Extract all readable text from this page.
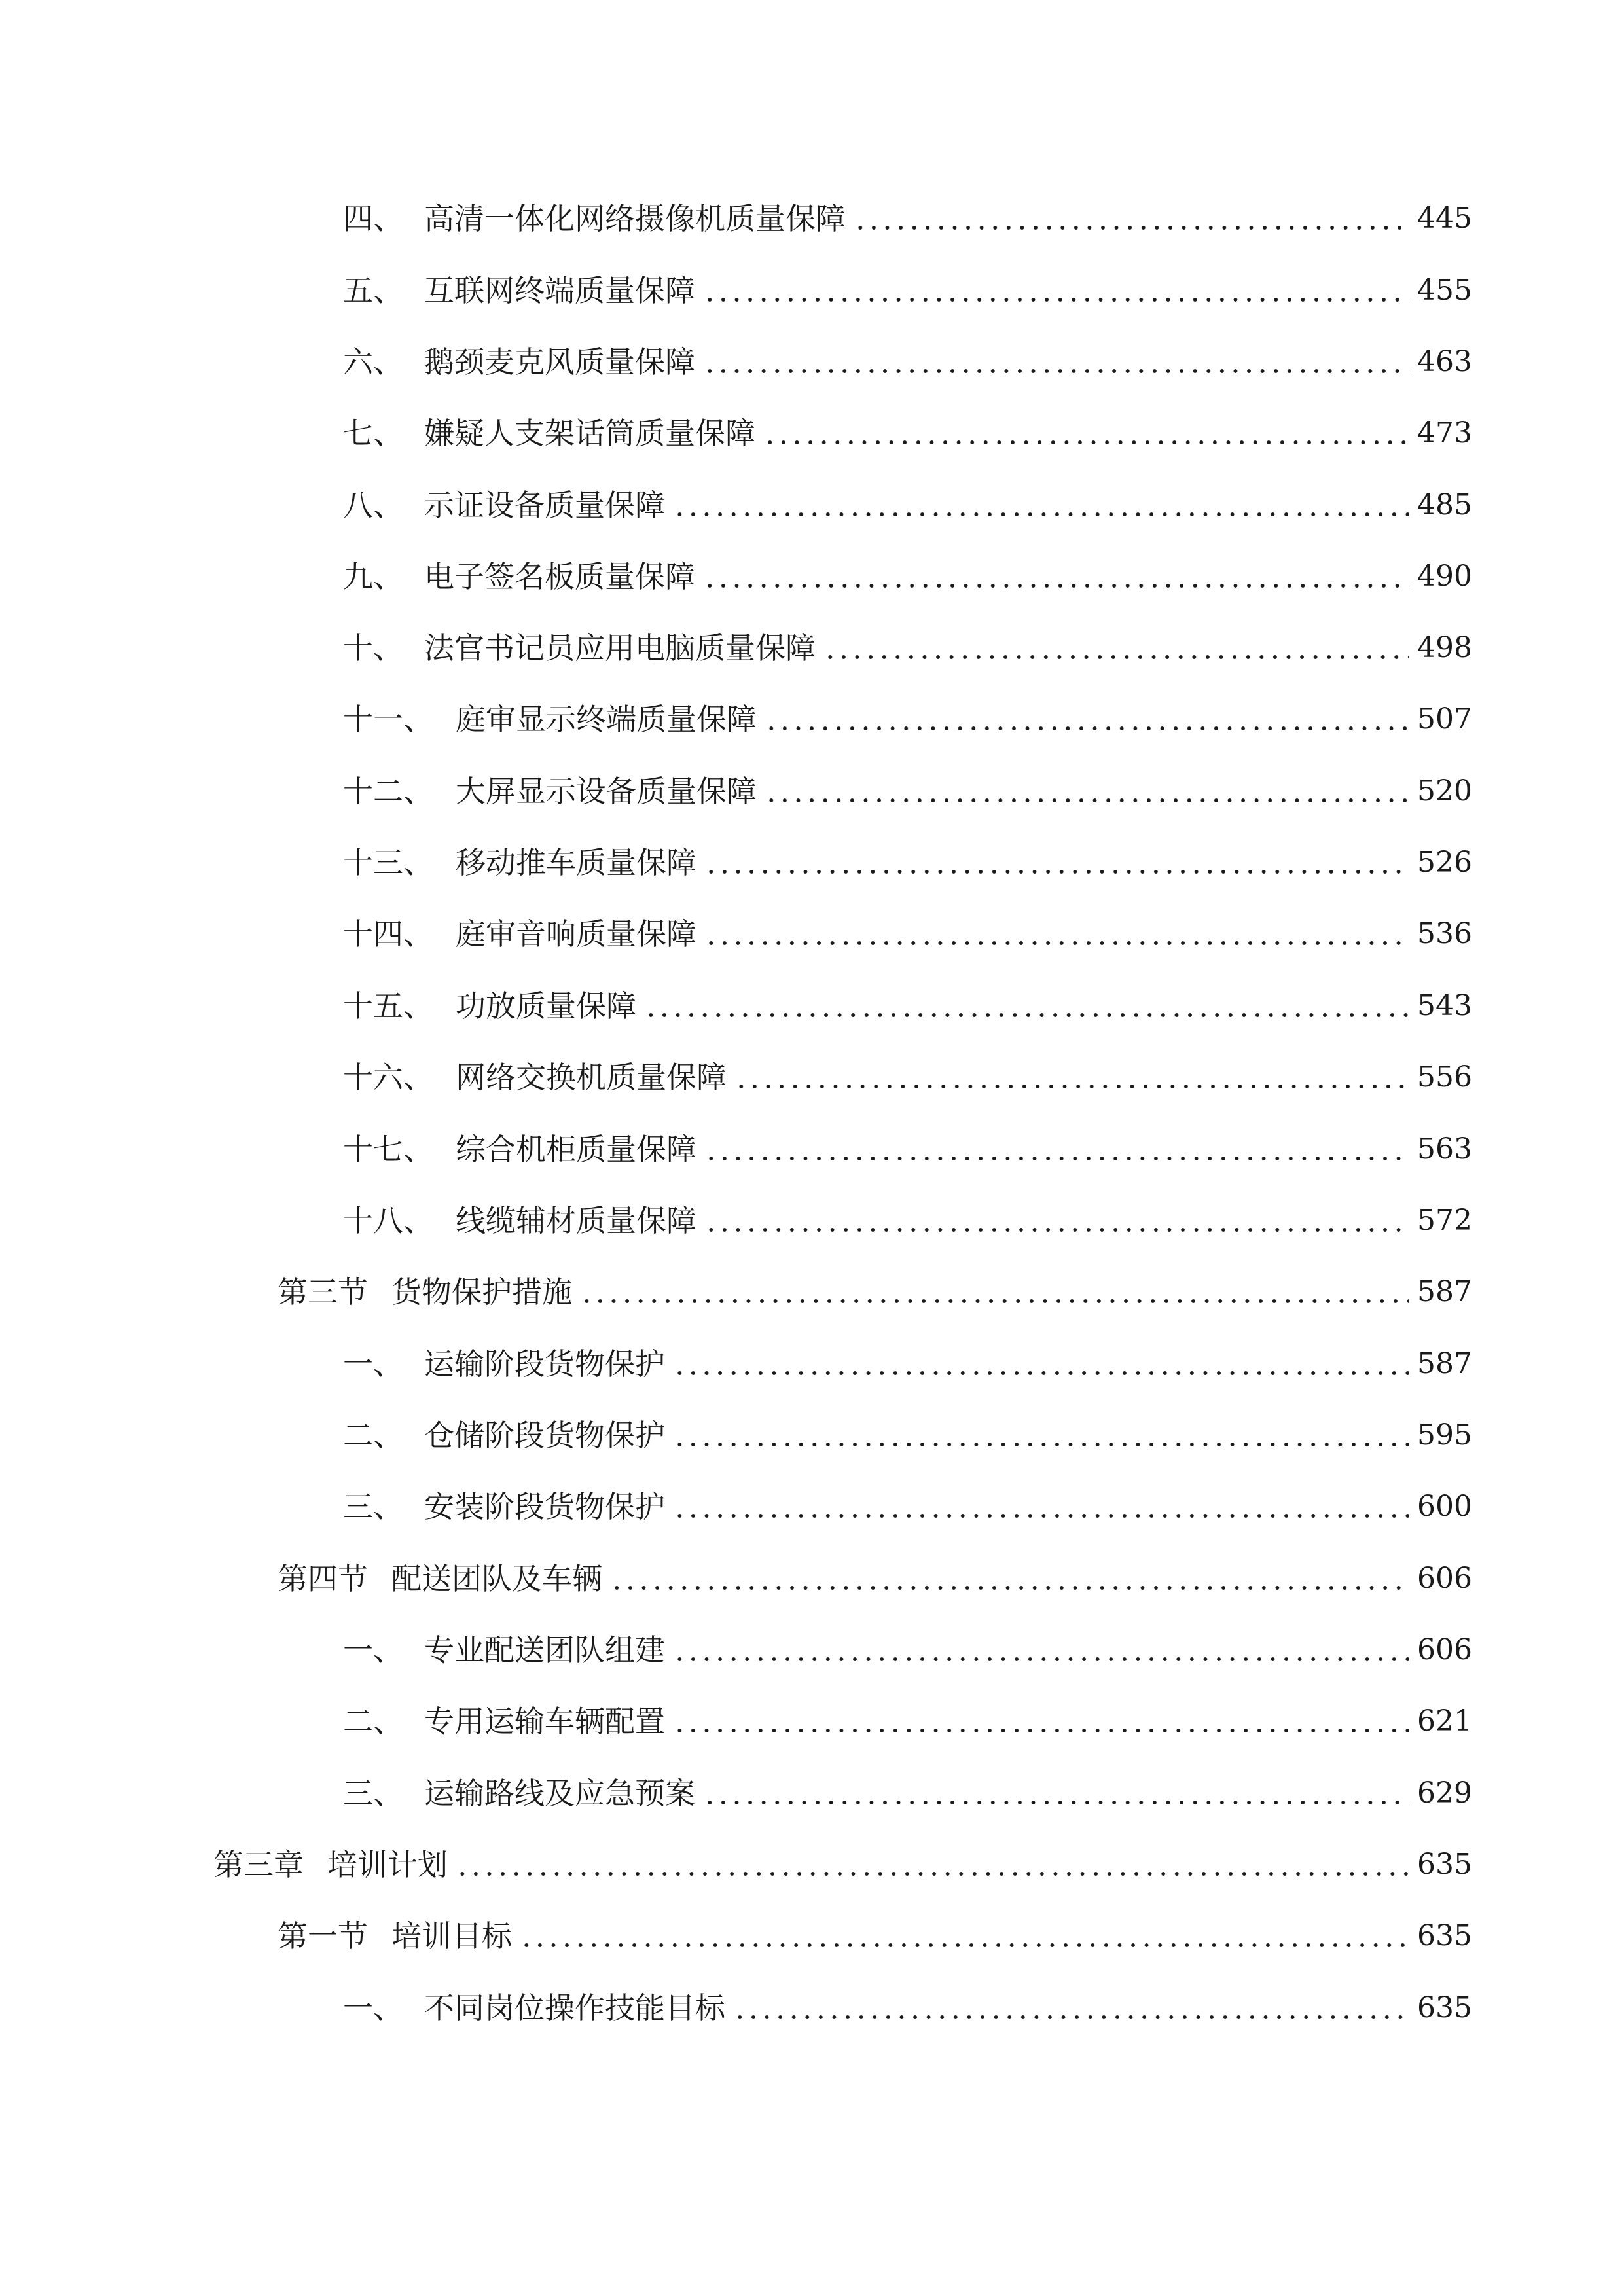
四、 高清一体化网络摄像机质量保障	445
五、 互联网终端质量保障	455
六、 鹅颈麦克风质量保障	463
七、 嫌疑人支架话筒质量保障	473
八、 示证设备质量保障	485
九、 电子签名板质量保障	490
十、 法官书记员应用电脑质量保障	498
十一、 庭审显示终端质量保障	507
十二、 大屏显示设备质量保障	520
十三、 移动推车质量保障	526
十四、 庭审音响质量保障	536
十五、 功放质量保障	543
十六、 网络交换机质量保障	556
十七、 综合机柜质量保障	563
十八、 线缆辅材质量保障	572
第三节 货物保护措施	587
一、 运输阶段货物保护	587
二、 仓储阶段货物保护	595
三、 安装阶段货物保护	600
第四节 配送团队及车辆	606
一、 专业配送团队组建	606
二、 专用运输车辆配置	621
三、 运输路线及应急预案	629
第三章 培训计划	635
第一节 培训目标	635
一、 不同岗位操作技能目标	635
